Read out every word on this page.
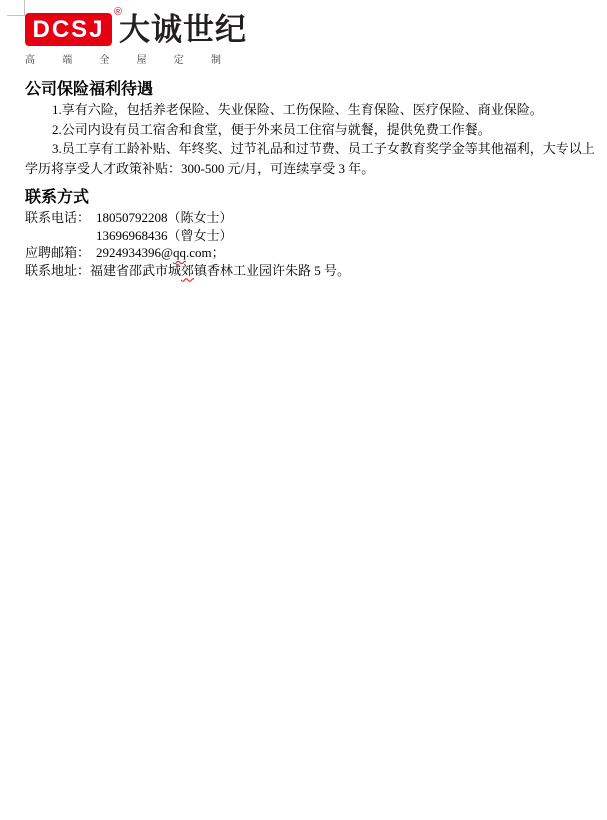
DCSJ
®
大诚世纪
高	端	全	屋	定	制
公司保险福利待遇
1.享有六险，包括养老保险、失业保险、工伤保险、生育保险、医疗保险、商业保险。
2.公司内设有员工宿舍和食堂，便于外来员工住宿与就餐，提供免费工作餐。
3.员工享有工龄补贴、年终奖、过节礼品和过节费、员工子女教育奖学金等其他福利，大专以上
学历将享受人才政策补贴：300-500 元/月，可连续享受 3 年。
联系方式
联系电话： 18050792208（陈女士）
13696968436（曾女士）
应聘邮箱： 2924934396@qq.com；
联系地址：福建省邵武市城郊镇香林工业园许朱路 5 号。
